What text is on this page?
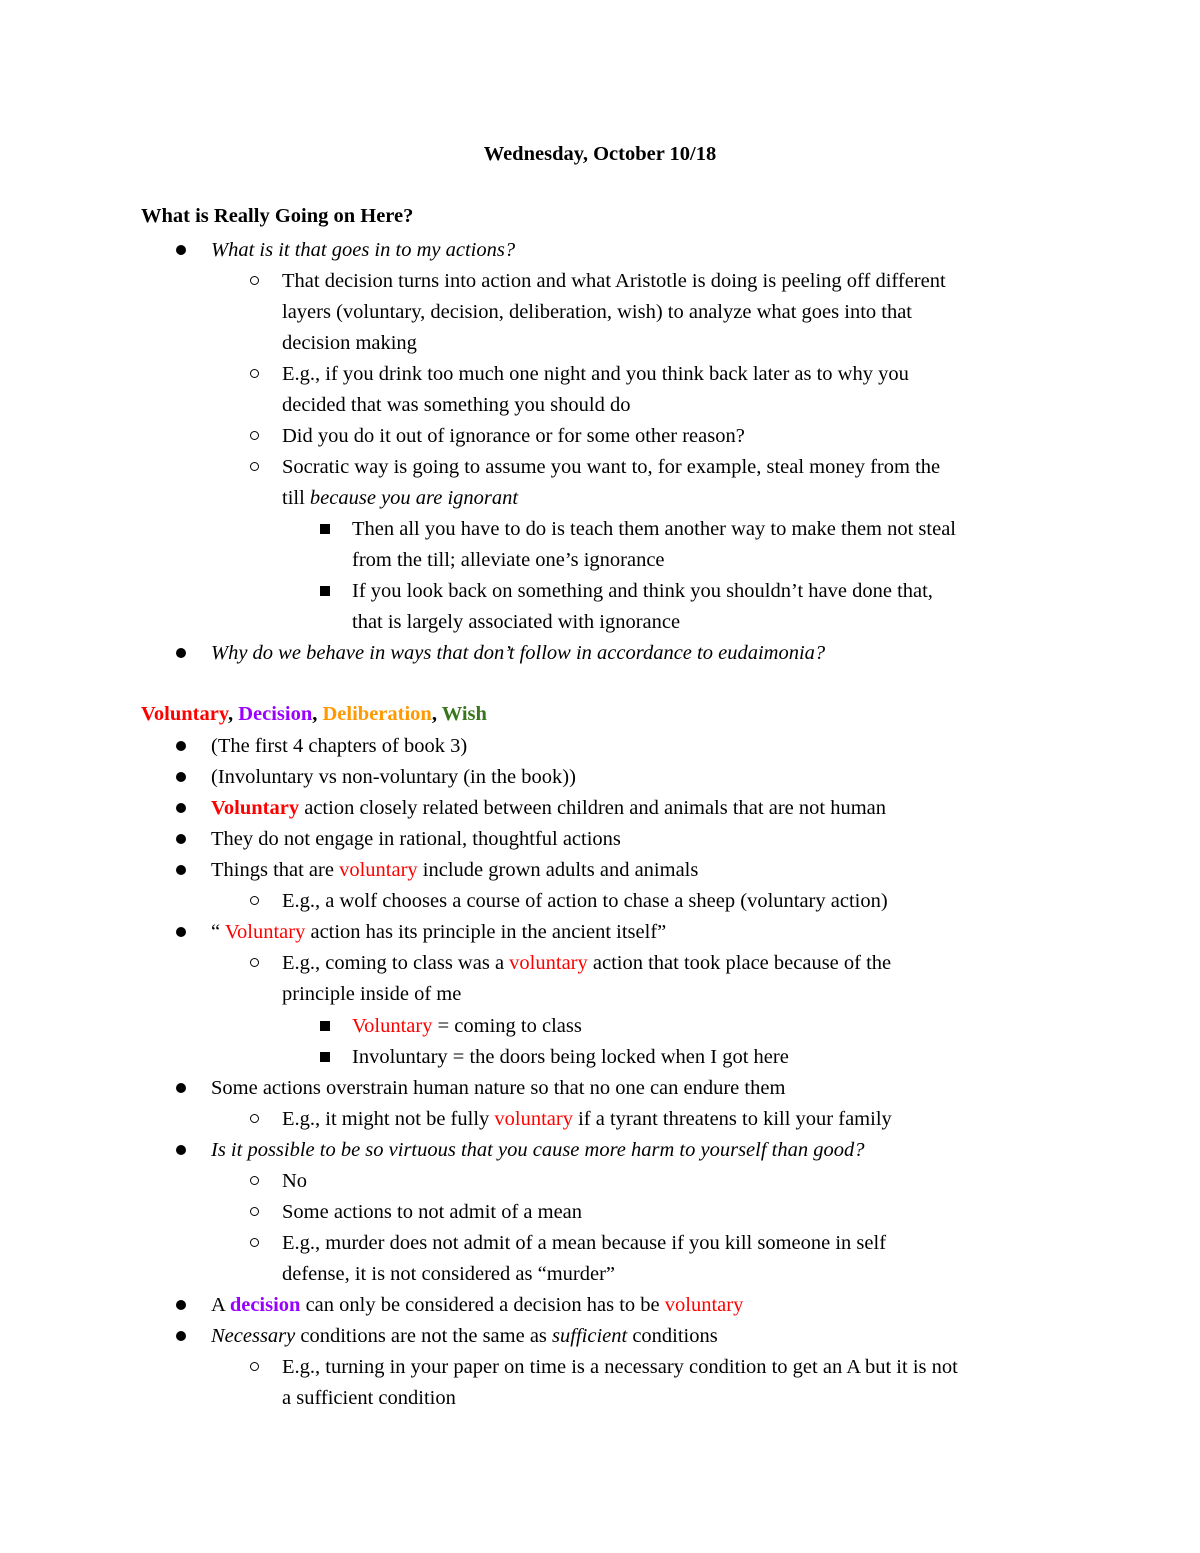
Wednesday, October 10/18
What is Really Going on Here?
What is it that goes in to my actions?
That decision turns into action and what Aristotle is doing is peeling off different
layers (voluntary, decision, deliberation, wish) to analyze what goes into that
decision making
E.g., if you drink too much one night and you think back later as to why you
decided that was something you should do
Did you do it out of ignorance or for some other reason?
Socratic way is going to assume you want to, for example, steal money from the
till because you are ignorant
Then all you have to do is teach them another way to make them not steal
from the till; alleviate one’s ignorance
If you look back on something and think you shouldn’t have done that,
that is largely associated with ignorance
Why do we behave in ways that don’t follow in accordance to eudaimonia?
Voluntary, Decision, Deliberation, Wish
(The first 4 chapters of book 3)
(Involuntary vs non-voluntary (in the book))
Voluntary action closely related between children and animals that are not human
They do not engage in rational, thoughtful actions
Things that are voluntary include grown adults and animals
E.g., a wolf chooses a course of action to chase a sheep (voluntary action)
“ Voluntary action has its principle in the ancient itself”
E.g., coming to class was a voluntary action that took place because of the
principle inside of me
Voluntary = coming to class
Involuntary = the doors being locked when I got here
Some actions overstrain human nature so that no one can endure them
E.g., it might not be fully voluntary if a tyrant threatens to kill your family
Is it possible to be so virtuous that you cause more harm to yourself than good?
No
Some actions to not admit of a mean
E.g., murder does not admit of a mean because if you kill someone in self
defense, it is not considered as “murder”
A decision can only be considered a decision has to be voluntary
Necessary conditions are not the same as sufficient conditions
E.g., turning in your paper on time is a necessary condition to get an A but it is not
a sufficient condition
